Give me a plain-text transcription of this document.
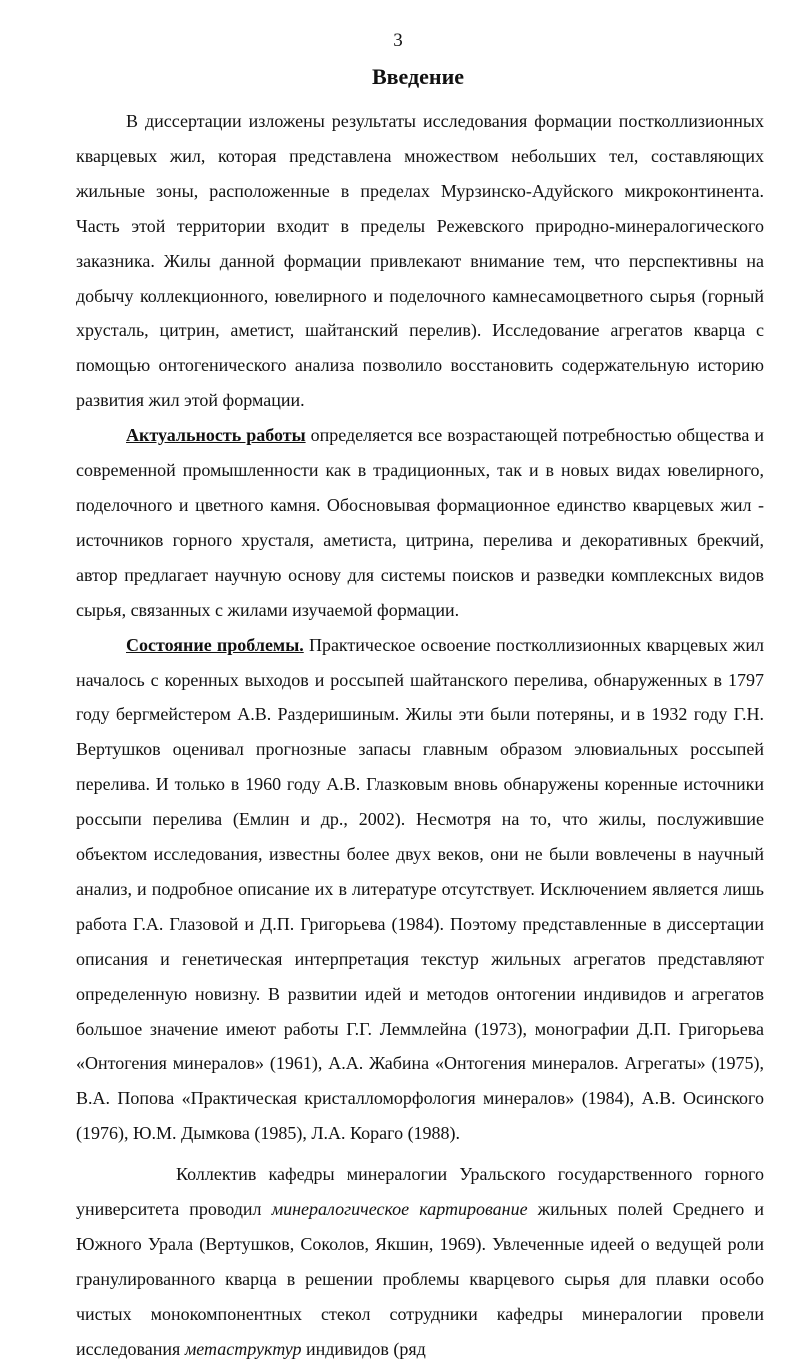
3
Введение

В диссертации изложены результаты исследования формации постколлизионных кварцевых жил, которая представлена множеством небольших тел, составляющих жильные зоны, расположенные в пределах Мурзинско-Адуйского микроконтинента. Часть этой территории входит в пределы Режевского природно-минералогического заказника. Жилы данной формации привлекают внимание тем, что перспективны на добычу коллекционного, ювелирного и поделочного камнесамоцветного сырья (горный хрусталь, цитрин, аметист, шайтанский перелив). Исследование агрегатов кварца с помощью онтогенического анализа позволило восстановить содержательную историю развития жил этой формации.

Актуальность работы определяется все возрастающей потребностью общества и современной промышленности как в традиционных, так и в новых видах ювелирного, поделочного и цветного камня. Обосновывая формационное единство кварцевых жил - источников горного хрусталя, аметиста, цитрина, перелива и декоративных брекчий, автор предлагает научную основу для системы поисков и разведки комплексных видов сырья, связанных с жилами изучаемой формации.

Состояние проблемы. Практическое освоение постколлизионных кварцевых жил началось с коренных выходов и россыпей шайтанского перелива, обнаруженных в 1797 году бергмейстером А.В. Раздеришиным. Жилы эти были потеряны, и в 1932 году Г.Н. Вертушков оценивал прогнозные запасы главным образом элювиальных россыпей перелива. И только в 1960 году А.В. Глазковым вновь обнаружены коренные источники россыпи перелива (Емлин и др., 2002). Несмотря на то, что жилы, послужившие объектом исследования, известны более двух веков, они не были вовлечены в научный анализ, и подробное описание их в литературе отсутствует. Исключением является лишь работа Г.А. Глазовой и Д.П. Григорьева (1984). Поэтому представленные в диссертации описания и генетическая интерпретация текстур жильных агрегатов представляют определенную новизну. В развитии идей и методов онтогении индивидов и агрегатов большое значение имеют работы Г.Г. Леммлейна (1973), монографии Д.П. Григорьева «Онтогения минералов» (1961), А.А. Жабина «Онтогения минералов. Агрегаты» (1975), В.А. Попова «Практическая кристалломорфология минералов» (1984), А.В. Осинского (1976), Ю.М. Дымкова (1985), Л.А. Кораго (1988).

Коллектив кафедры минералогии Уральского государственного горного университета проводил минералогическое картирование жильных полей Среднего и Южного Урала (Вертушков, Соколов, Якшин, 1969). Увлеченные идеей о ведущей роли гранулированного кварца в решении проблемы кварцевого сырья для плавки особо чистых монокомпонентных стекол сотрудники кафедры минералогии провели исследования метаструктур индивидов (ряд
